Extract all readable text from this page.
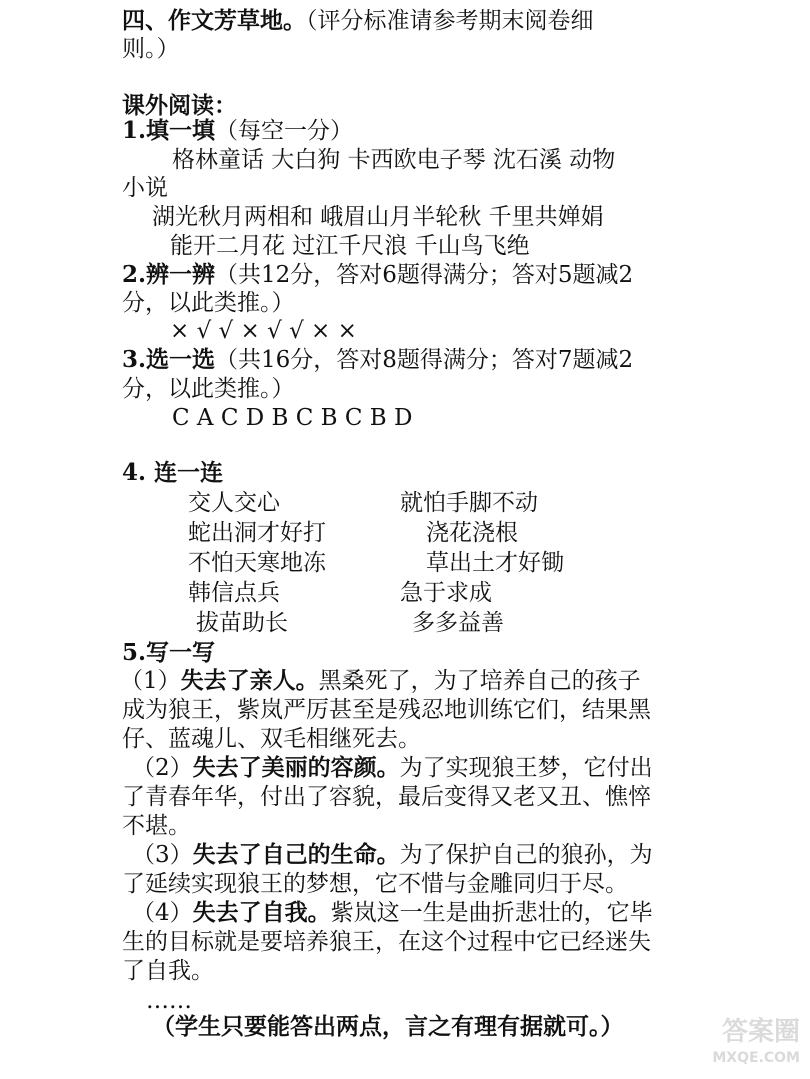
四、作文芳草地。（评分标准请参考期末阅卷细
则。）
课外阅读：
1.填一填（每空一分）
格林童话 大白狗 卡西欧电子琴 沈石溪 动物
小说
湖光秋月两相和 峨眉山月半轮秋 千里共婵娟
能开二月花 过江千尺浪 千山鸟飞绝
2.辨一辨（共12分，答对6题得满分；答对5题减2
分，以此类推。）
× √ √ × √ √ × ×
3.选一选（共16分，答对8题得满分；答对7题减2
分，以此类推。）
C A C D B C B C B D
4. 连一连
交人交心	就怕手脚不动
蛇出洞才好打	浇花浇根
不怕天寒地冻	草出土才好锄
韩信点兵	急于求成
拔苗助长	多多益善
5.写一写
（1）失去了亲人。黑桑死了，为了培养自己的孩子
成为狼王，紫岚严厉甚至是残忍地训练它们，结果黑
仔、蓝魂儿、双毛相继死去。
（2）失去了美丽的容颜。为了实现狼王梦，它付出
了青春年华，付出了容貌，最后变得又老又丑、憔悴
不堪。
（3）失去了自己的生命。为了保护自己的狼孙，为
了延续实现狼王的梦想，它不惜与金雕同归于尽。
（4）失去了自我。紫岚这一生是曲折悲壮的，它毕
生的目标就是要培养狼王，在这个过程中它已经迷失
了自我。
……
（学生只要能答出两点，言之有理有据就可。）	答案圈
MXQE.COM
